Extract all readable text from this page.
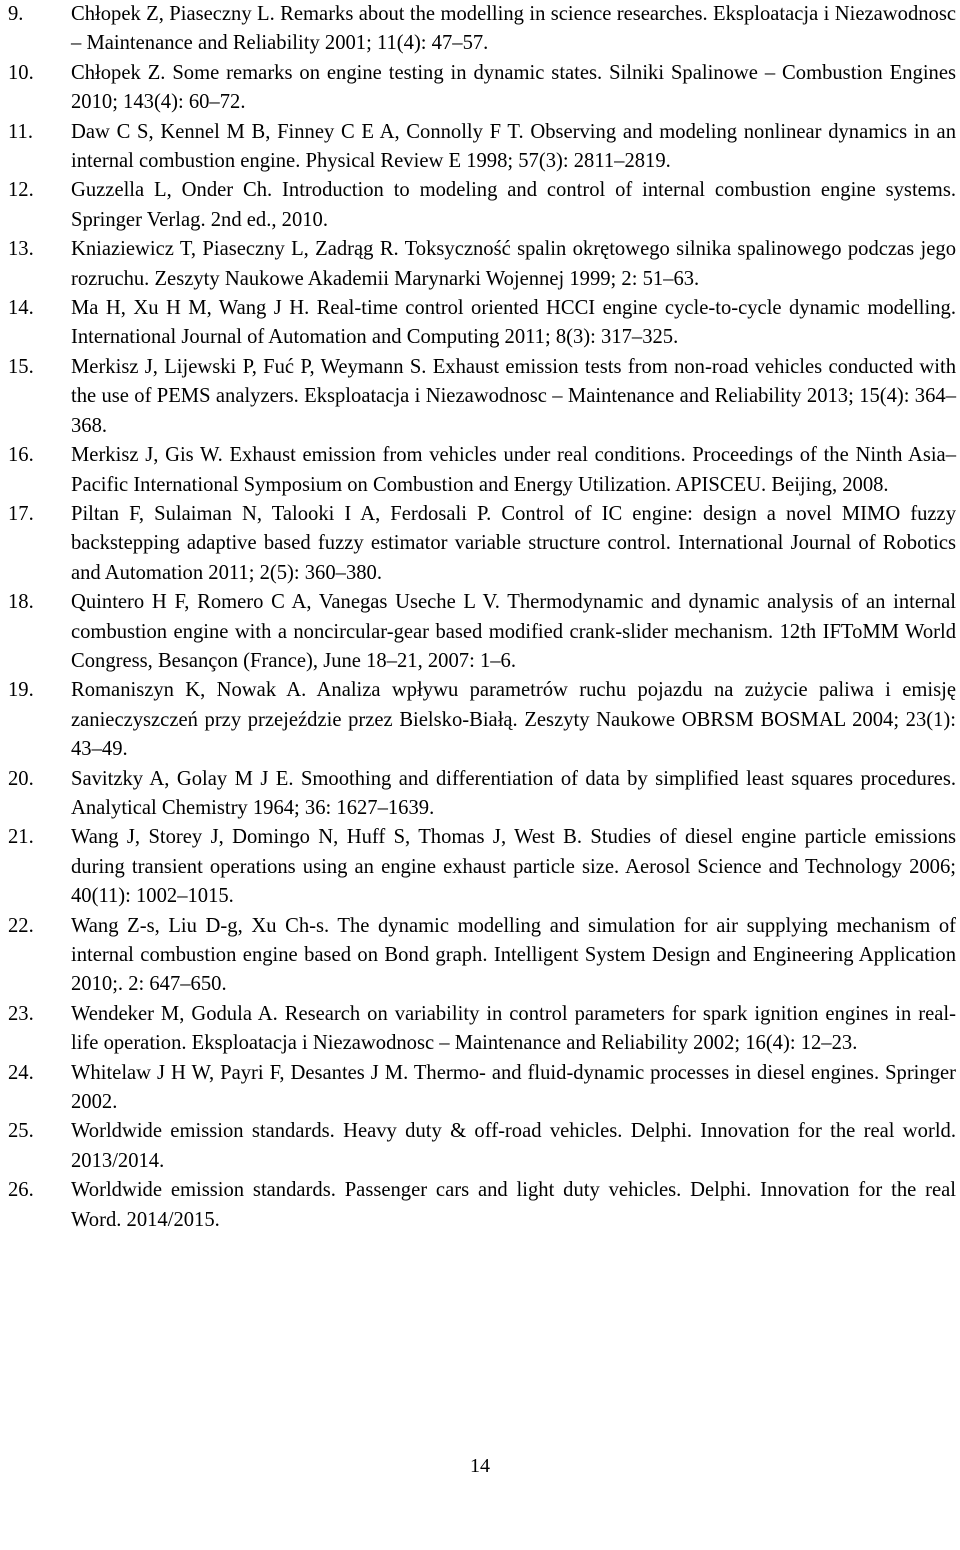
9. Chłopek Z, Piaseczny L. Remarks about the modelling in science researches. Eksploatacja i Niezawodnosc – Maintenance and Reliability 2001; 11(4): 47–57.
10. Chłopek Z. Some remarks on engine testing in dynamic states. Silniki Spalinowe – Combustion Engines 2010; 143(4): 60–72.
11. Daw C S, Kennel M B, Finney C E A, Connolly F T. Observing and modeling nonlinear dynamics in an internal combustion engine. Physical Review E 1998; 57(3): 2811–2819.
12. Guzzella L, Onder Ch. Introduction to modeling and control of internal combustion engine systems. Springer Verlag. 2nd ed., 2010.
13. Kniaziewicz T, Piaseczny L, Zadrąg R. Toksyczność spalin okrętowego silnika spalinowego podczas jego rozruchu. Zeszyty Naukowe Akademii Marynarki Wojennej 1999; 2: 51–63.
14. Ma H, Xu H M, Wang J H. Real-time control oriented HCCI engine cycle-to-cycle dynamic modelling. International Journal of Automation and Computing 2011; 8(3): 317–325.
15. Merkisz J, Lijewski P, Fuć P, Weymann S. Exhaust emission tests from non-road vehicles conducted with the use of PEMS analyzers. Eksploatacja i Niezawodnosc – Maintenance and Reliability 2013; 15(4): 364–368.
16. Merkisz J, Gis W. Exhaust emission from vehicles under real conditions. Proceedings of the Ninth Asia–Pacific International Symposium on Combustion and Energy Utilization. APISCEU. Beijing, 2008.
17. Piltan F, Sulaiman N, Talooki I A, Ferdosali P. Control of IC engine: design a novel MIMO fuzzy backstepping adaptive based fuzzy estimator variable structure control. International Journal of Robotics and Automation 2011; 2(5): 360–380.
18. Quintero H F, Romero C A, Vanegas Useche L V. Thermodynamic and dynamic analysis of an internal combustion engine with a noncircular-gear based modified crank-slider mechanism. 12th IFToMM World Congress, Besançon (France), June 18–21, 2007: 1–6.
19. Romaniszyn K, Nowak A. Analiza wpływu parametrów ruchu pojazdu na zużycie paliwa i emisję zanieczyszczeń przy przejeździe przez Bielsko-Białą. Zeszyty Naukowe OBRSM BOSMAL 2004; 23(1): 43–49.
20. Savitzky A, Golay M J E. Smoothing and differentiation of data by simplified least squares procedures. Analytical Chemistry 1964; 36: 1627–1639.
21. Wang J, Storey J, Domingo N, Huff S, Thomas J, West B. Studies of diesel engine particle emissions during transient operations using an engine exhaust particle size. Aerosol Science and Technology 2006; 40(11): 1002–1015.
22. Wang Z-s, Liu D-g, Xu Ch-s. The dynamic modelling and simulation for air supplying mechanism of internal combustion engine based on Bond graph. Intelligent System Design and Engineering Application 2010;. 2: 647–650.
23. Wendeker M, Godula A. Research on variability in control parameters for spark ignition engines in real-life operation. Eksploatacja i Niezawodnosc – Maintenance and Reliability 2002; 16(4): 12–23.
24. Whitelaw J H W, Payri F, Desantes J M. Thermo- and fluid-dynamic processes in diesel engines. Springer 2002.
25. Worldwide emission standards. Heavy duty & off-road vehicles. Delphi. Innovation for the real world. 2013/2014.
26. Worldwide emission standards. Passenger cars and light duty vehicles. Delphi. Innovation for the real Word. 2014/2015.
14
